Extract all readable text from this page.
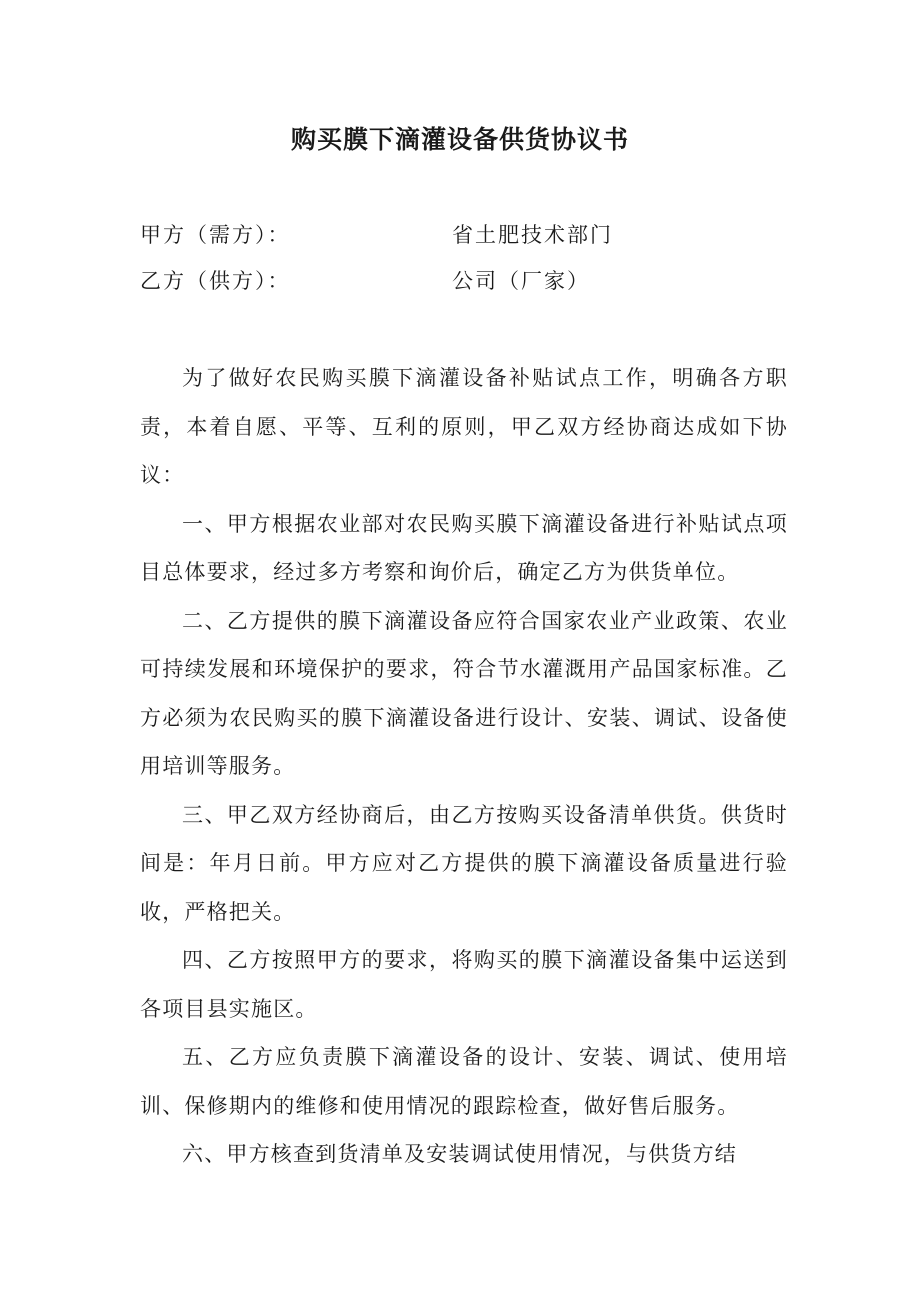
购买膜下滴灌设备供货协议书
甲方（需方）：	省土肥技术部门
乙方（供方）：	公司（厂家）

为了做好农民购买膜下滴灌设备补贴试点工作，明确各方职责，本着自愿、平等、互利的原则，甲乙双方经协商达成如下协议：

一、甲方根据农业部对农民购买膜下滴灌设备进行补贴试点项目总体要求，经过多方考察和询价后，确定乙方为供货单位。

二、乙方提供的膜下滴灌设备应符合国家农业产业政策、农业可持续发展和环境保护的要求，符合节水灌溉用产品国家标准。乙方必须为农民购买的膜下滴灌设备进行设计、安装、调试、设备使用培训等服务。

三、甲乙双方经协商后，由乙方按购买设备清单供货。供货时间是：年月日前。甲方应对乙方提供的膜下滴灌设备质量进行验收，严格把关。

四、乙方按照甲方的要求，将购买的膜下滴灌设备集中运送到各项目县实施区。

五、乙方应负责膜下滴灌设备的设计、安装、调试、使用培训、保修期内的维修和使用情况的跟踪检查，做好售后服务。

六、甲方核查到货清单及安装调试使用情况，与供货方结
